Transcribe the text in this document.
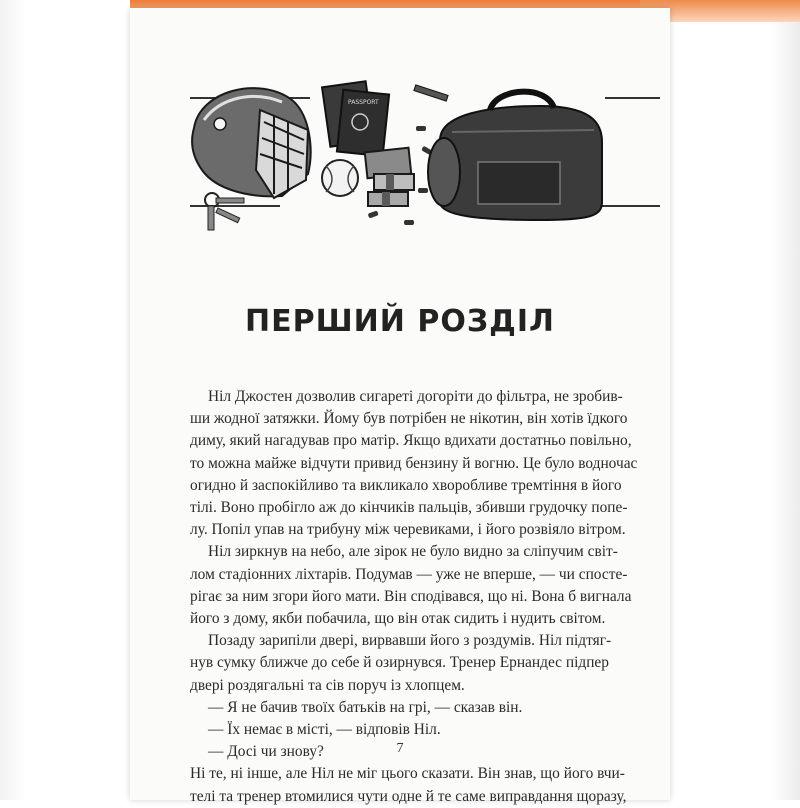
PASSPORT
ПЕРШИЙ РОЗДІЛ
Ніл Джостен дозволив сигареті догоріти до фільтра, не зробив-
ши жодної затяжки. Йому був потрібен не нікотин, він хотів їдкого
диму, який нагадував про матір. Якщо вдихати достатньо повільно,
то можна майже відчути привид бензину й вогню. Це було водночас
огидно й заспокійливо та викликало хворобливе тремтіння в його
тілі. Воно пробігло аж до кінчиків пальців, збивши грудочку попе-
лу. Попіл упав на трибуну між черевиками, і його розвіяло вітром.
Ніл зиркнув на небо, але зірок не було видно за сліпучим світ-
лом стадіонних ліхтарів. Подумав — уже не вперше, — чи спосте-
рігає за ним згори його мати. Він сподівався, що ні. Вона б вигнала
його з дому, якби побачила, що він отак сидить і нудить світом.
Позаду зарипіли двері, вирвавши його з роздумів. Ніл підтяг-
нув сумку ближче до себе й озирнувся. Тренер Ернандес підпер
двері роздягальні та сів поруч із хлопцем.
— Я не бачив твоїх батьків на грі, — сказав він.
— Їх немає в місті, — відповів Ніл.
— Досі чи знову?
Ні те, ні інше, але Ніл не міг цього сказати. Він знав, що його вчи-
телі та тренер втомилися чути одне й те саме виправдання щоразу,
7
